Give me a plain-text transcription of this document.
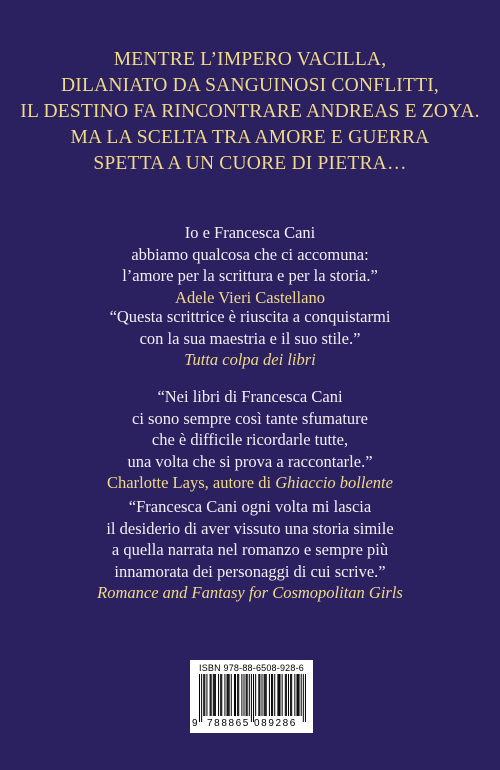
MENTRE L’IMPERO VACILLA,
DILANIATO DA SANGUINOSI CONFLITTI,
IL DESTINO FA RINCONTRARE ANDREAS E ZOYA.
MA LA SCELTA TRA AMORE E GUERRA
SPETTA A UN CUORE DI PIETRA…
Io e Francesca Cani
abbiamo qualcosa che ci accomuna:
l’amore per la scrittura e per la storia.”
Adele Vieri Castellano
“Questa scrittrice è riuscita a conquistarmi
con la sua maestria e il suo stile.”
Tutta colpa dei libri
“Nei libri di Francesca Cani
ci sono sempre così tante sfumature
che è difficile ricordarle tutte,
una volta che si prova a raccontarle.”
Charlotte Lays, autore di Ghiaccio bollente
“Francesca Cani ogni volta mi lascia
il desiderio di aver vissuto una storia simile
a quella narrata nel romanzo e sempre più
innamorata dei personaggi di cui scrive.”
Romance and Fantasy for Cosmopolitan Girls
ISBN 978-88-6508-928-6
9 788865 089286
